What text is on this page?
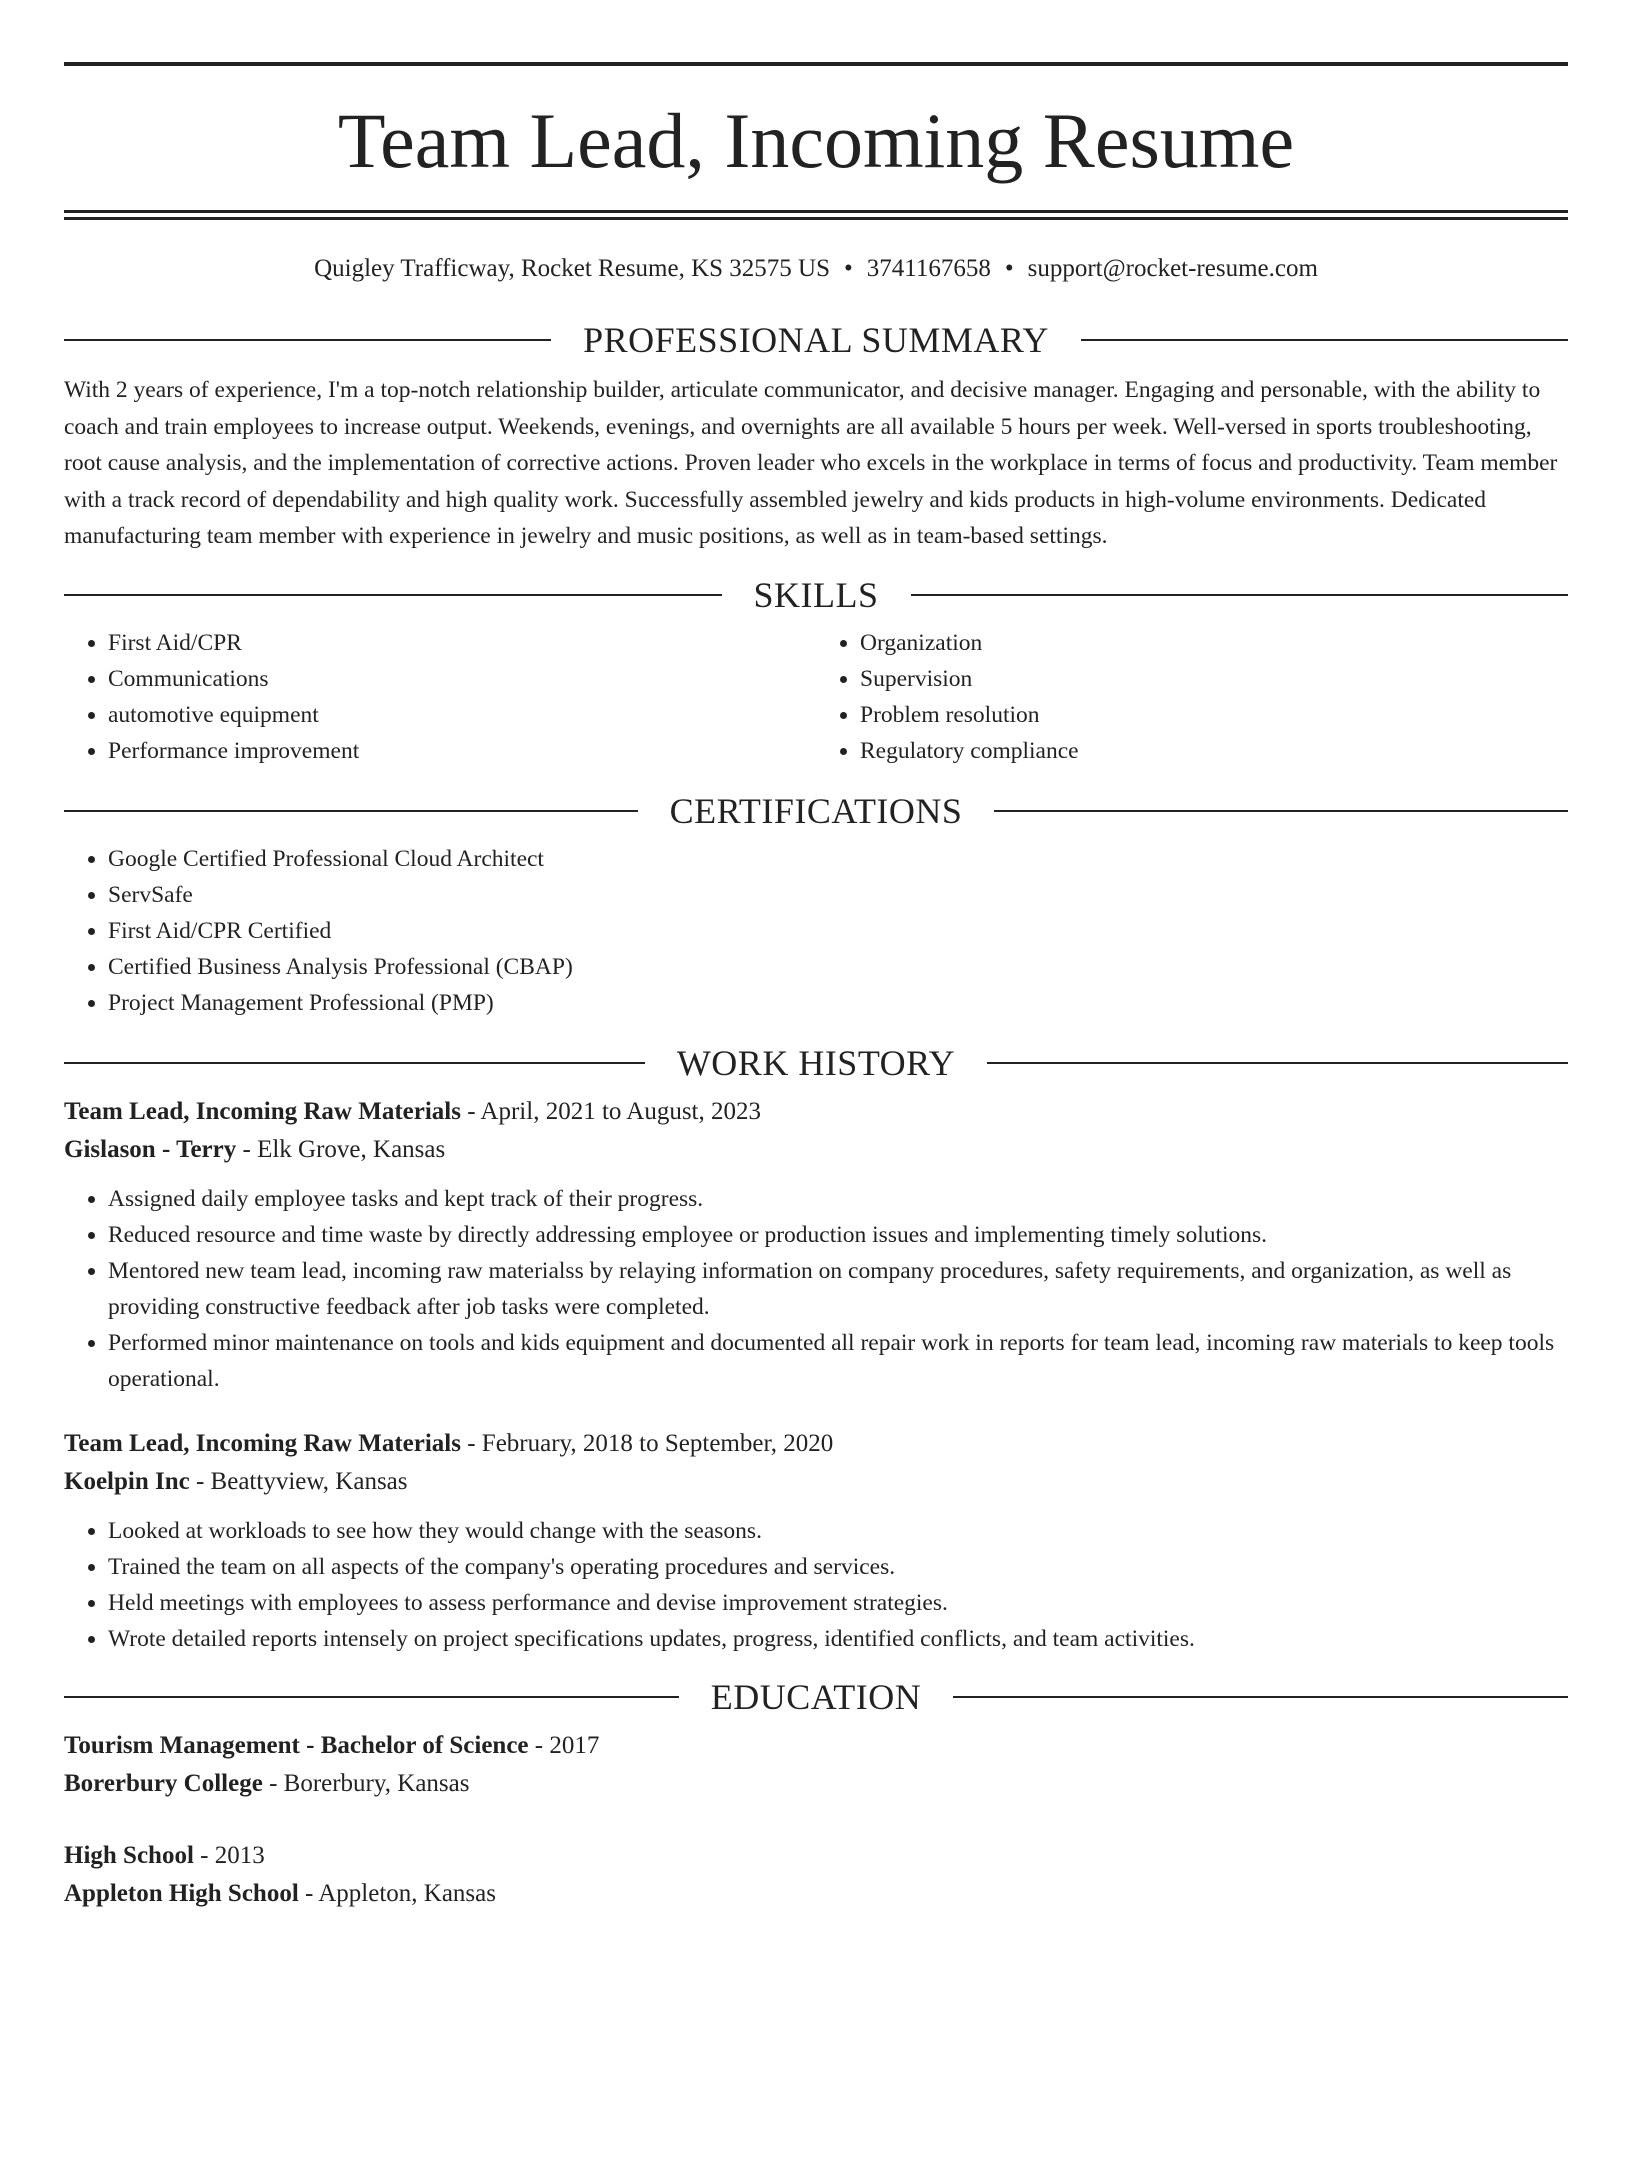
Team Lead, Incoming Resume
Quigley Trafficway, Rocket Resume, KS 32575 US • 3741167658 • support@rocket-resume.com
PROFESSIONAL SUMMARY
With 2 years of experience, I'm a top-notch relationship builder, articulate communicator, and decisive manager. Engaging and personable, with the ability to coach and train employees to increase output. Weekends, evenings, and overnights are all available 5 hours per week. Well-versed in sports troubleshooting, root cause analysis, and the implementation of corrective actions. Proven leader who excels in the workplace in terms of focus and productivity. Team member with a track record of dependability and high quality work. Successfully assembled jewelry and kids products in high-volume environments. Dedicated manufacturing team member with experience in jewelry and music positions, as well as in team-based settings.
SKILLS
• First Aid/CPR
• Communications
• automotive equipment
• Performance improvement
• Organization
• Supervision
• Problem resolution
• Regulatory compliance
CERTIFICATIONS
• Google Certified Professional Cloud Architect
• ServSafe
• First Aid/CPR Certified
• Certified Business Analysis Professional (CBAP)
• Project Management Professional (PMP)
WORK HISTORY
Team Lead, Incoming Raw Materials - April, 2021 to August, 2023
Gislason - Terry - Elk Grove, Kansas
• Assigned daily employee tasks and kept track of their progress.
• Reduced resource and time waste by directly addressing employee or production issues and implementing timely solutions.
• Mentored new team lead, incoming raw materialss by relaying information on company procedures, safety requirements, and organization, as well as providing constructive feedback after job tasks were completed.
• Performed minor maintenance on tools and kids equipment and documented all repair work in reports for team lead, incoming raw materials to keep tools operational.
Team Lead, Incoming Raw Materials - February, 2018 to September, 2020
Koelpin Inc - Beattyview, Kansas
• Looked at workloads to see how they would change with the seasons.
• Trained the team on all aspects of the company's operating procedures and services.
• Held meetings with employees to assess performance and devise improvement strategies.
• Wrote detailed reports intensely on project specifications updates, progress, identified conflicts, and team activities.
EDUCATION
Tourism Management - Bachelor of Science - 2017
Borerbury College - Borerbury, Kansas
High School - 2013
Appleton High School - Appleton, Kansas
